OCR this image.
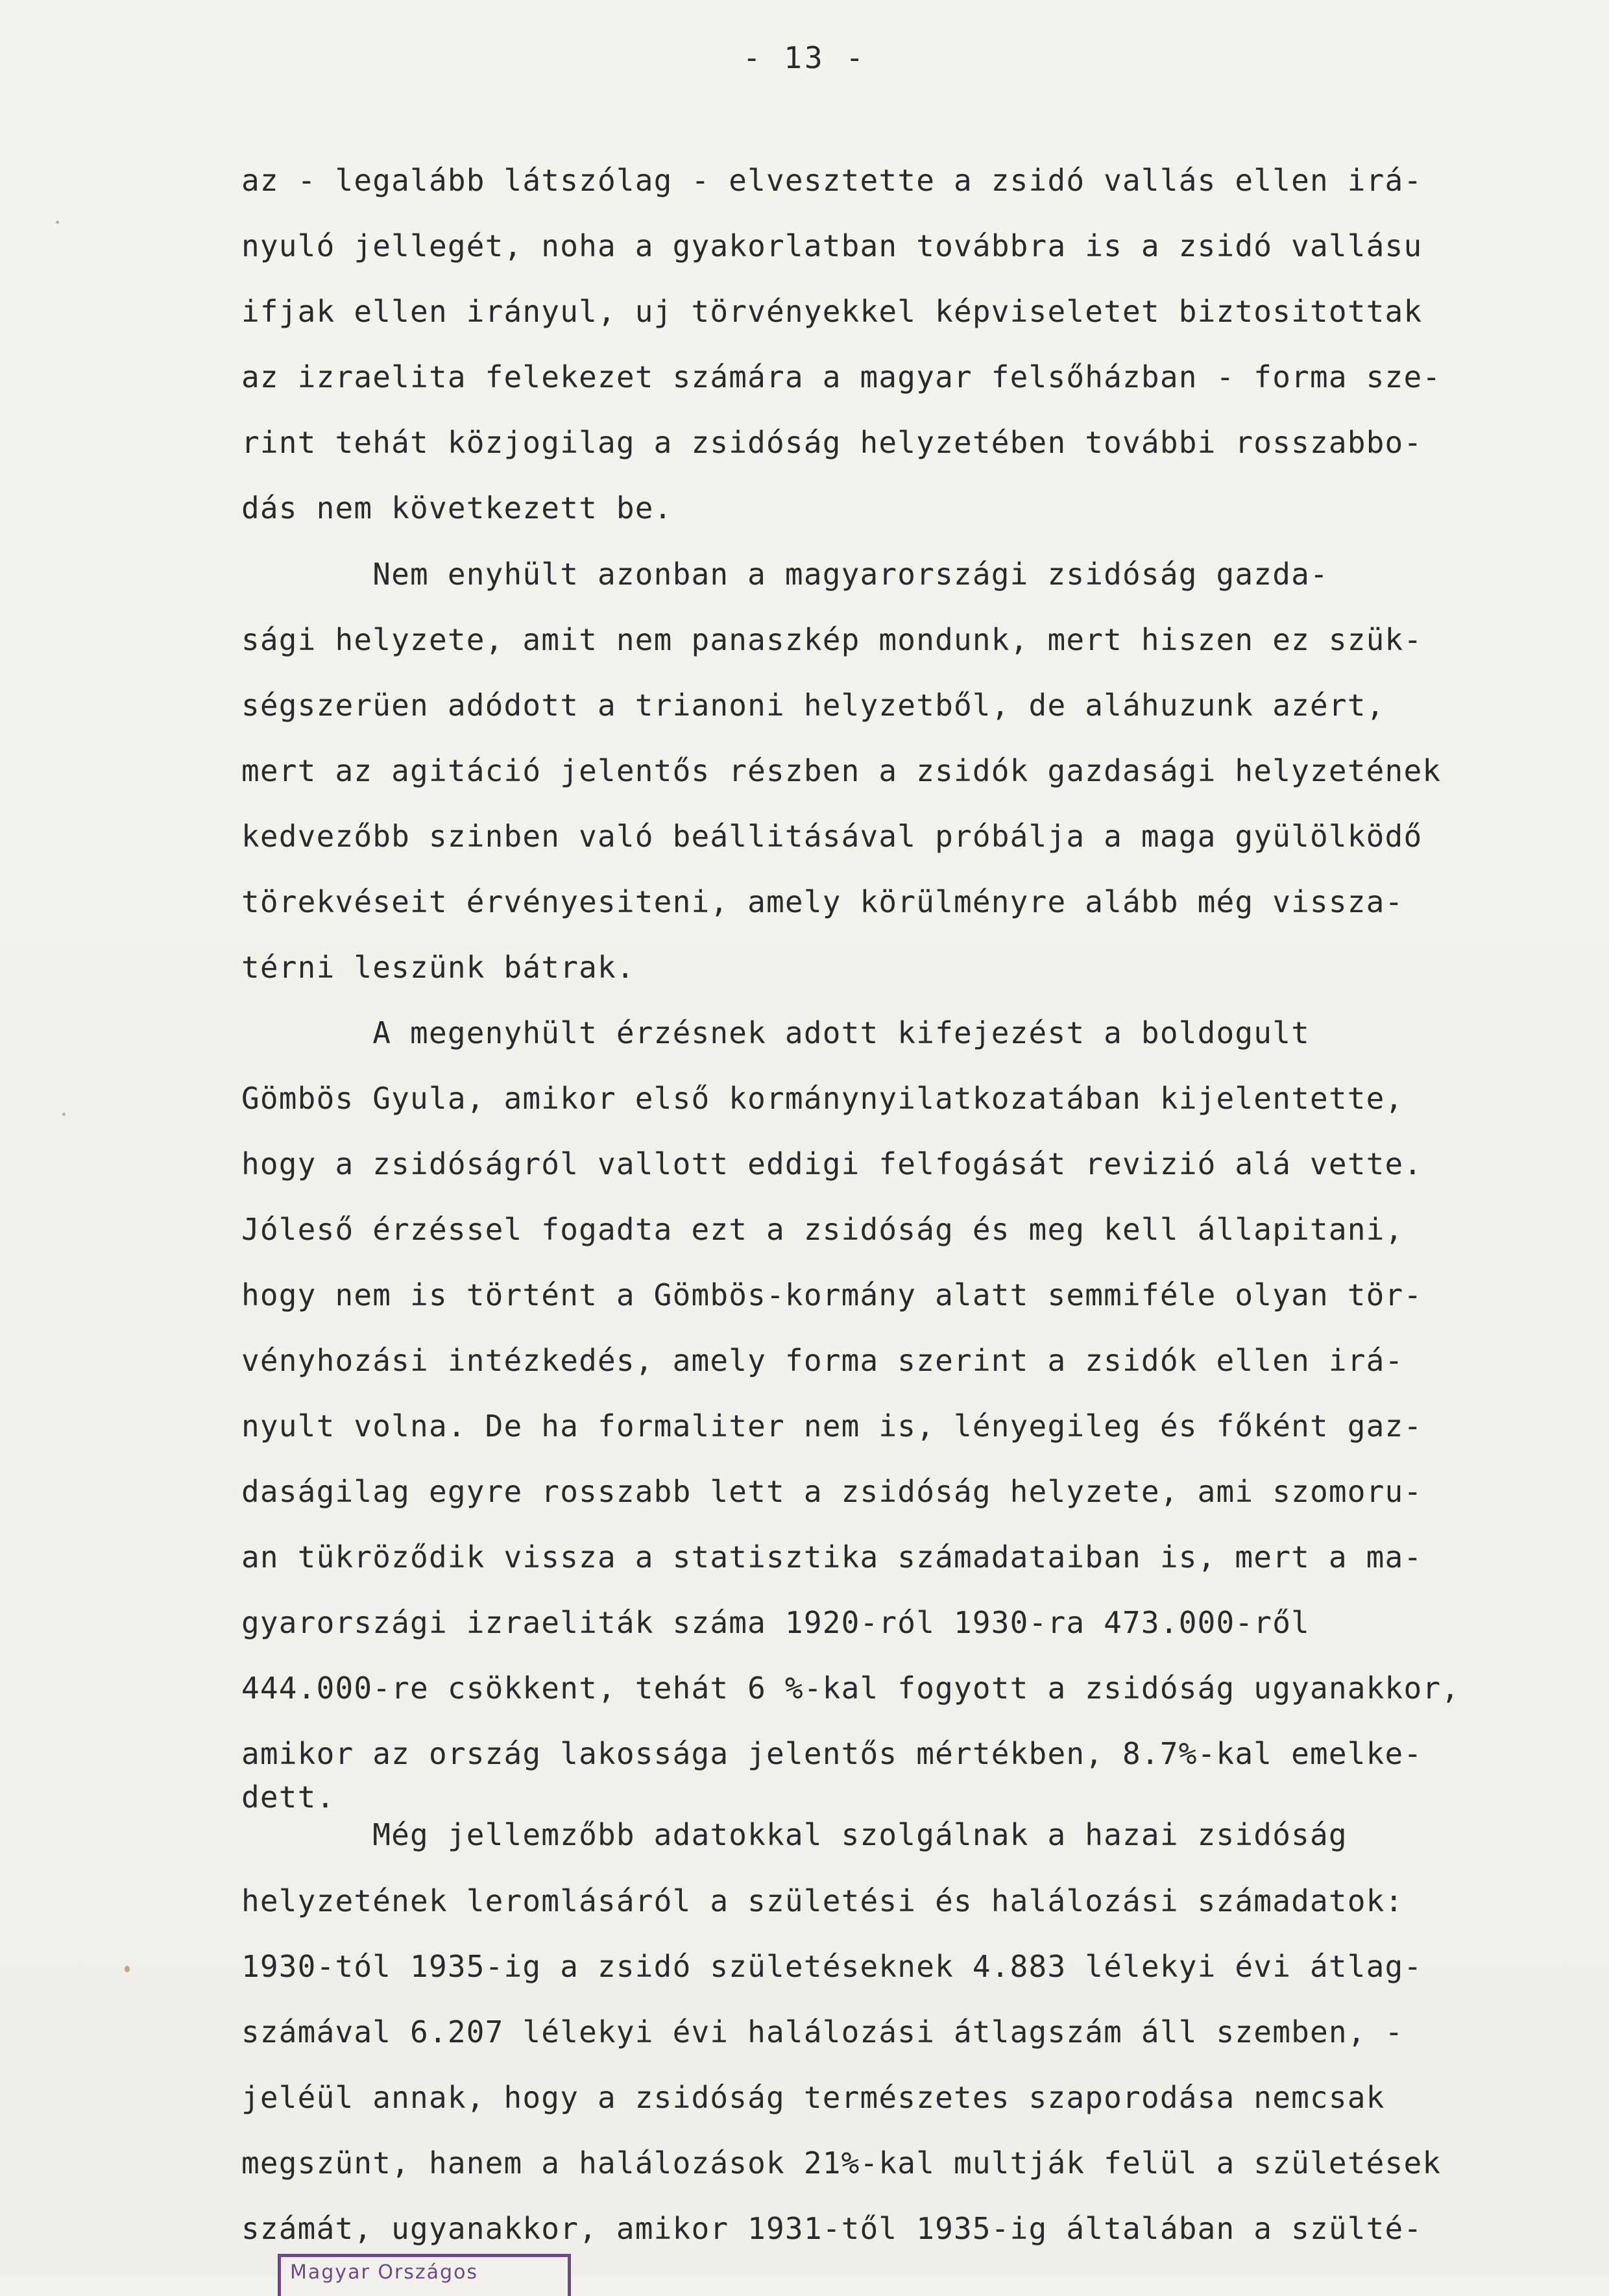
- 13 -
az - legalább látszólag - elvesztette a zsidó vallás ellen irá-
nyuló jellegét, noha a gyakorlatban továbbra is a zsidó vallásu
ifjak ellen irányul, uj törvényekkel képviseletet biztositottak
az izraelita felekezet számára a magyar felsőházban - forma sze-
rint tehát közjogilag a zsidóság helyzetében további rosszabbo-
dás nem következett be.
Nem enyhült azonban a magyarországi zsidóság gazda-
sági helyzete, amit nem panaszkép mondunk, mert hiszen ez szük-
ségszerüen adódott a trianoni helyzetből, de aláhuzunk azért,
mert az agitáció jelentős részben a zsidók gazdasági helyzetének
kedvezőbb szinben való beállitásával próbálja a maga gyülölködő
törekvéseit érvényesiteni, amely körülményre alább még vissza-
térni leszünk bátrak.
A megenyhült érzésnek adott kifejezést a boldogult
Gömbös Gyula, amikor első kormánynyilatkozatában kijelentette,
hogy a zsidóságról vallott eddigi felfogását revizió alá vette.
Jóleső érzéssel fogadta ezt a zsidóság és meg kell állapitani,
hogy nem is történt a Gömbös-kormány alatt semmiféle olyan tör-
vényhozási intézkedés, amely forma szerint a zsidók ellen irá-
nyult volna. De ha formaliter nem is, lényegileg és főként gaz-
daságilag egyre rosszabb lett a zsidóság helyzete, ami szomoru-
an tükröződik vissza a statisztika számadataiban is, mert a ma-
gyarországi izraeliták száma 1920-ról 1930-ra 473.000-ről
444.000-re csökkent, tehát 6 %-kal fogyott a zsidóság ugyanakkor,
amikor az ország lakossága jelentős mértékben, 8.7%-kal emelke-
dett.
Még jellemzőbb adatokkal szolgálnak a hazai zsidóság
helyzetének leromlásáról a születési és halálozási számadatok:
1930-tól 1935-ig a zsidó születéseknek 4.883 lélekyi évi átlag-
számával 6.207 lélekyi évi halálozási átlagszám áll szemben, -
jeléül annak, hogy a zsidóság természetes szaporodása nemcsak
megszünt, hanem a halálozások 21%-kal multják felül a születések
számát, ugyanakkor, amikor 1931-től 1935-ig általában a szülté-
Magyar Országos
